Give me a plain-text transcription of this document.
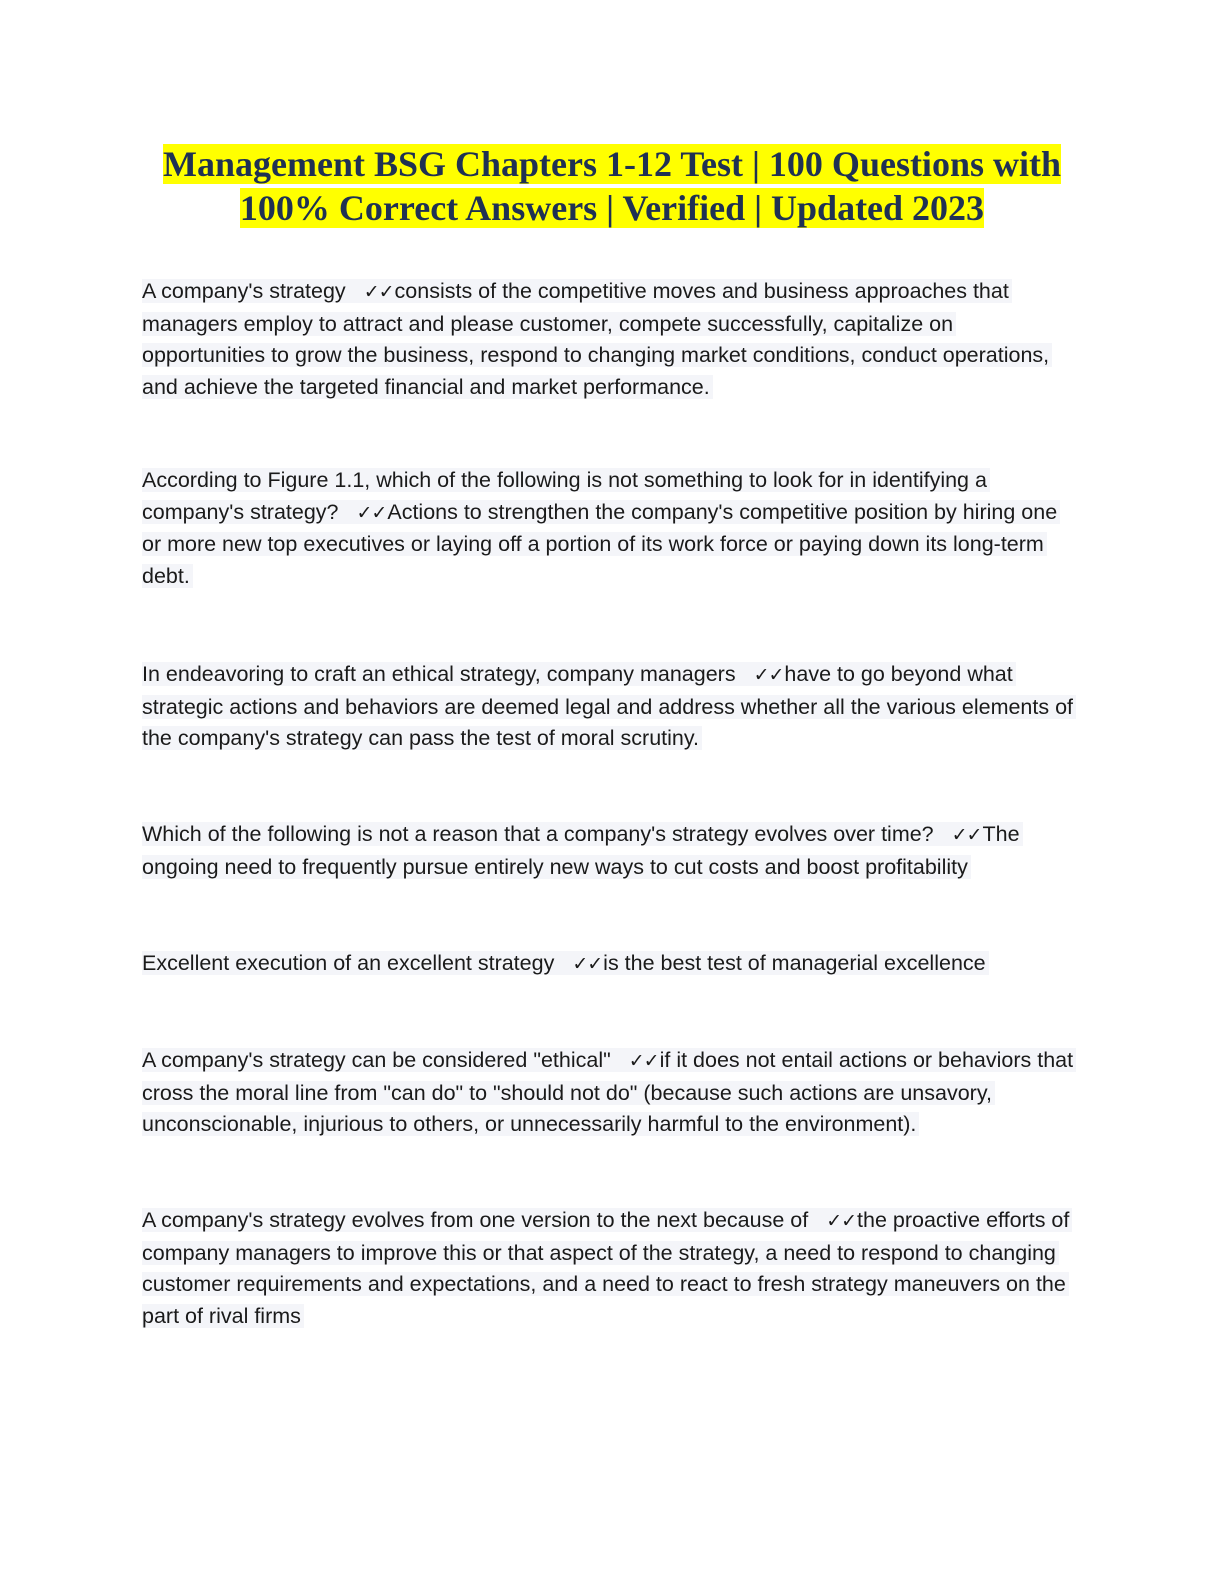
Management BSG Chapters 1-12 Test | 100 Questions with
100% Correct Answers | Verified | Updated 2023
A company's strategy ✓✓consists of the competitive moves and business approaches that managers employ to attract and please customer, compete successfully, capitalize on opportunities to grow the business, respond to changing market conditions, conduct operations, and achieve the targeted financial and market performance.
According to Figure 1.1, which of the following is not something to look for in identifying a company's strategy? ✓✓Actions to strengthen the company's competitive position by hiring one or more new top executives or laying off a portion of its work force or paying down its long-term debt.
In endeavoring to craft an ethical strategy, company managers ✓✓have to go beyond what strategic actions and behaviors are deemed legal and address whether all the various elements of the company's strategy can pass the test of moral scrutiny.
Which of the following is not a reason that a company's strategy evolves over time? ✓✓The ongoing need to frequently pursue entirely new ways to cut costs and boost profitability
Excellent execution of an excellent strategy ✓✓is the best test of managerial excellence
A company's strategy can be considered "ethical" ✓✓if it does not entail actions or behaviors that cross the moral line from "can do" to "should not do" (because such actions are unsavory, unconscionable, injurious to others, or unnecessarily harmful to the environment).
A company's strategy evolves from one version to the next because of ✓✓the proactive efforts of company managers to improve this or that aspect of the strategy, a need to respond to changing customer requirements and expectations, and a need to react to fresh strategy maneuvers on the part of rival firms
